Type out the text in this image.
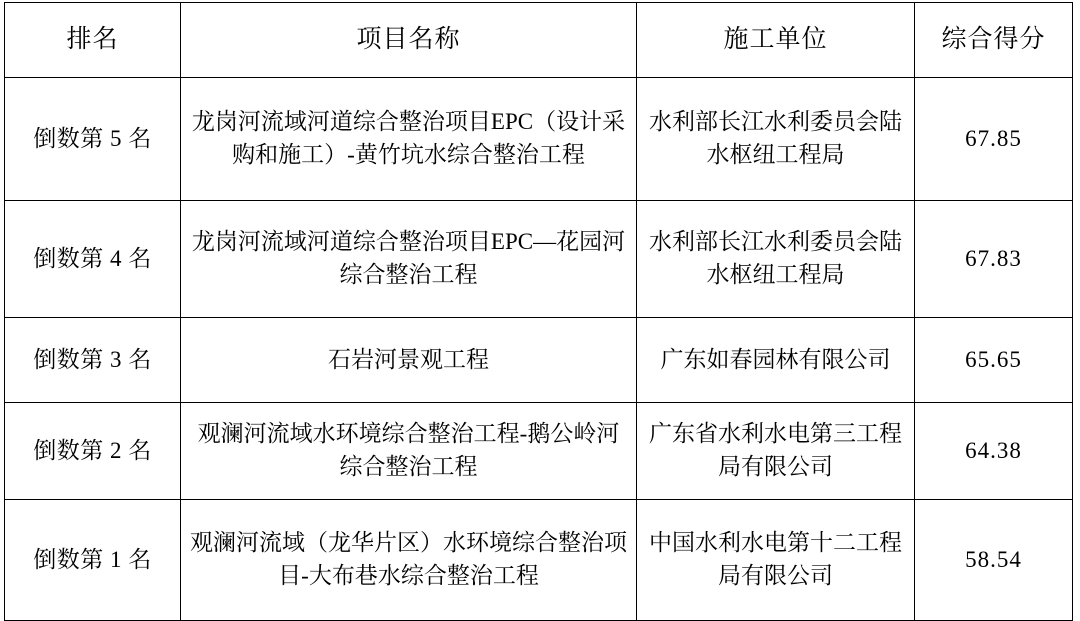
排名	项目名称	施工单位	综合得分
倒数第 5 名	龙岗河流域河道综合整治项目EPC（设计采购和施工）-黄竹坑水综合整治工程	水利部长江水利委员会陆水枢纽工程局	67.85
倒数第 4 名	龙岗河流域河道综合整治项目EPC—花园河综合整治工程	水利部长江水利委员会陆水枢纽工程局	67.83
倒数第 3 名	石岩河景观工程	广东如春园林有限公司	65.65
倒数第 2 名	观澜河流域水环境综合整治工程-鹅公岭河综合整治工程	广东省水利水电第三工程局有限公司	64.38
倒数第 1 名	观澜河流域（龙华片区）水环境综合整治项目-大布巷水综合整治工程	中国水利水电第十二工程局有限公司	58.54
